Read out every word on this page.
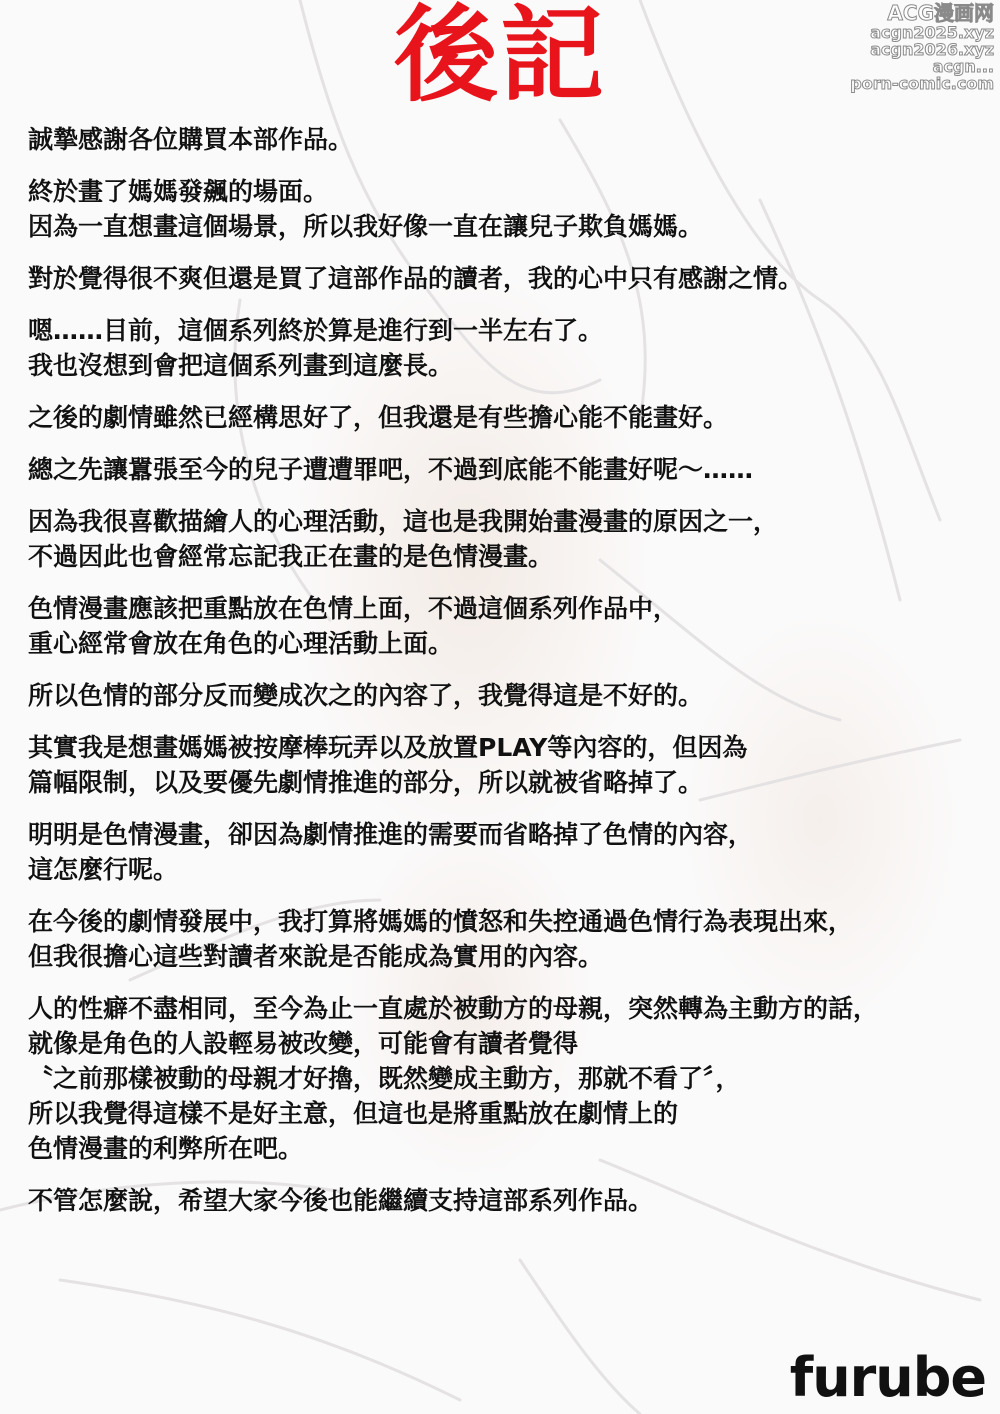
後記	ACG漫画网
acgn2025.xyz
acgn2026.xyz
acgn...
porn-comic.com

誠摯感謝各位購買本部作品。

終於畫了媽媽發飆的場面。
因為一直想畫這個場景，所以我好像一直在讓兒子欺負媽媽。

對於覺得很不爽但還是買了這部作品的讀者，我的心中只有感謝之情。

嗯……目前，這個系列終於算是進行到一半左右了。
我也沒想到會把這個系列畫到這麼長。

之後的劇情雖然已經構思好了，但我還是有些擔心能不能畫好。

總之先讓囂張至今的兒子遭遭罪吧，不過到底能不能畫好呢〜……

因為我很喜歡描繪人的心理活動，這也是我開始畫漫畫的原因之一，
不過因此也會經常忘記我正在畫的是色情漫畫。

色情漫畫應該把重點放在色情上面，不過這個系列作品中，
重心經常會放在角色的心理活動上面。

所以色情的部分反而變成次之的內容了，我覺得這是不好的。

其實我是想畫媽媽被按摩棒玩弄以及放置PLAY等內容的，但因為
篇幅限制，以及要優先劇情推進的部分，所以就被省略掉了。

明明是色情漫畫，卻因為劇情推進的需要而省略掉了色情的內容，
這怎麼行呢。

在今後的劇情發展中，我打算將媽媽的憤怒和失控通過色情行為表現出來，
但我很擔心這些對讀者來說是否能成為實用的內容。

人的性癖不盡相同，至今為止一直處於被動方的母親，突然轉為主動方的話，
就像是角色的人設輕易被改變，可能會有讀者覺得
〝之前那樣被動的母親才好擼，既然變成主動方，那就不看了〞，
所以我覺得這樣不是好主意，但這也是將重點放在劇情上的
色情漫畫的利弊所在吧。

不管怎麼說，希望大家今後也能繼續支持這部系列作品。

furube
